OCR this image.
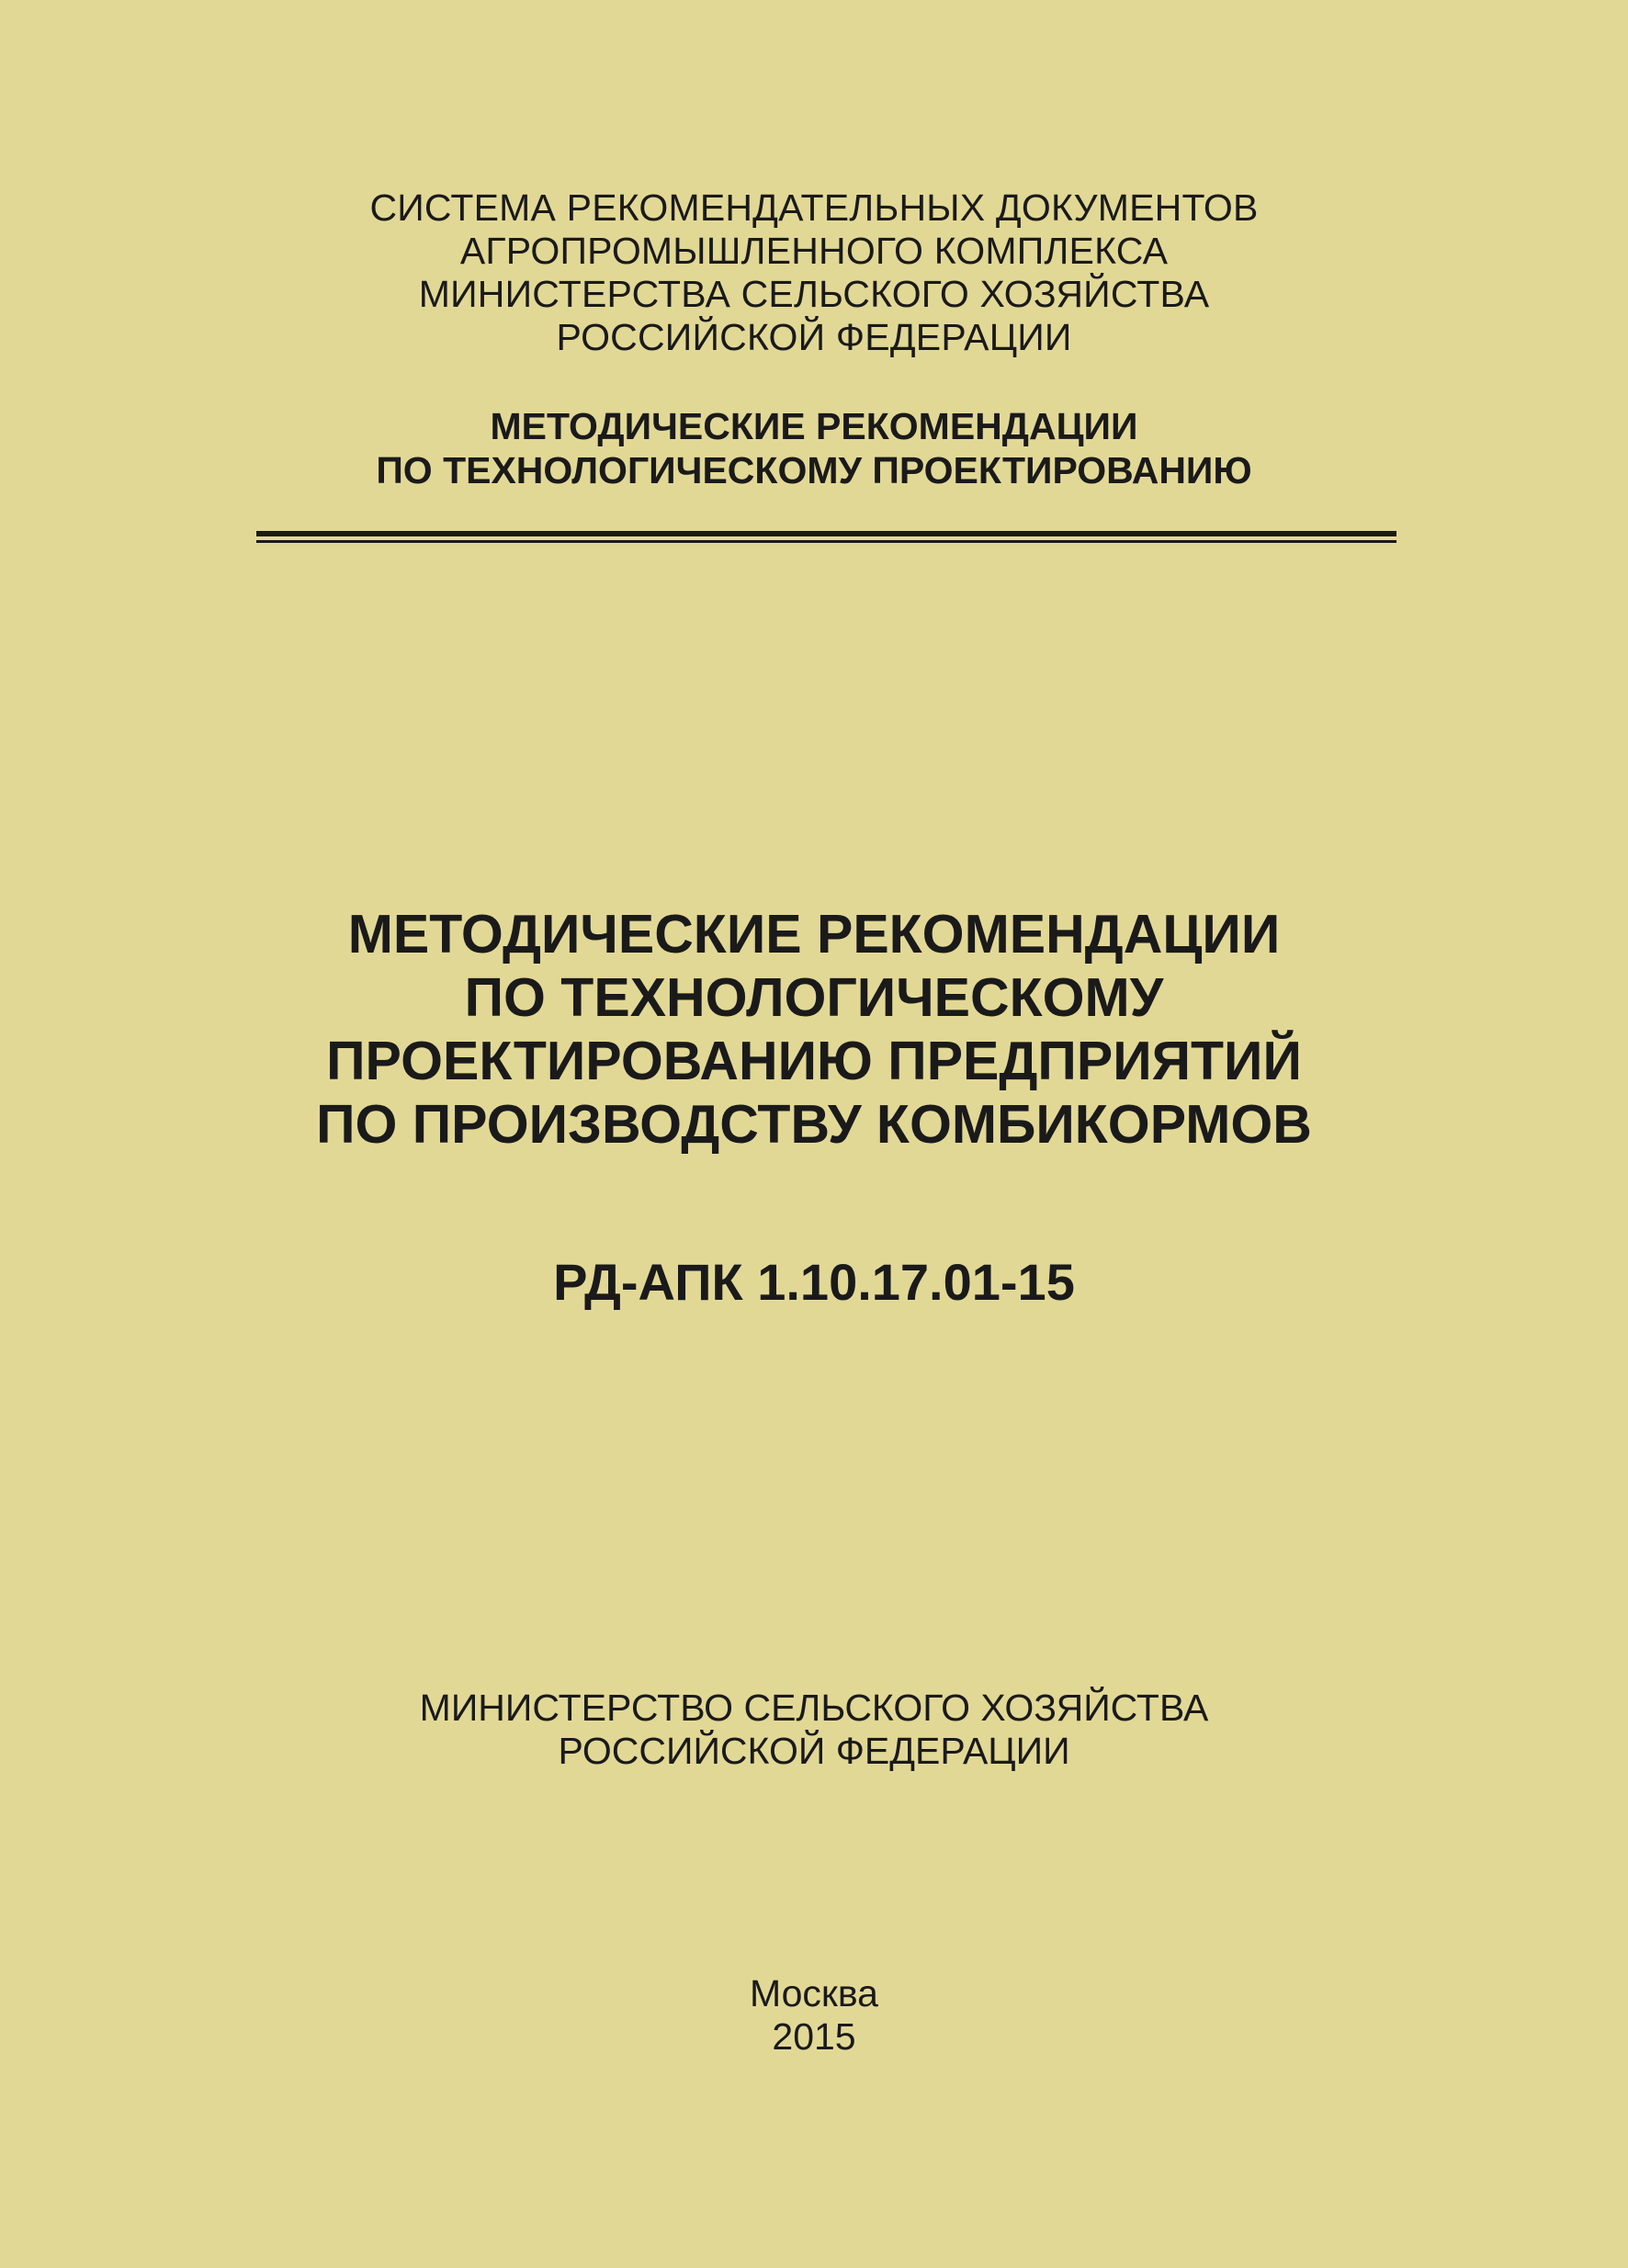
СИСТЕМА РЕКОМЕНДАТЕЛЬНЫХ ДОКУМЕНТОВ
АГРОПРОМЫШЛЕННОГО КОМПЛЕКСА
МИНИСТЕРСТВА СЕЛЬСКОГО ХОЗЯЙСТВА
РОССИЙСКОЙ ФЕДЕРАЦИИ
МЕТОДИЧЕСКИЕ РЕКОМЕНДАЦИИ
ПО ТЕХНОЛОГИЧЕСКОМУ ПРОЕКТИРОВАНИЮ
МЕТОДИЧЕСКИЕ РЕКОМЕНДАЦИИ
ПО ТЕХНОЛОГИЧЕСКОМУ
ПРОЕКТИРОВАНИЮ ПРЕДПРИЯТИЙ
ПО ПРОИЗВОДСТВУ КОМБИКОРМОВ
РД-АПК 1.10.17.01-15
МИНИСТЕРСТВО СЕЛЬСКОГО ХОЗЯЙСТВА
РОССИЙСКОЙ ФЕДЕРАЦИИ
Москва
2015
